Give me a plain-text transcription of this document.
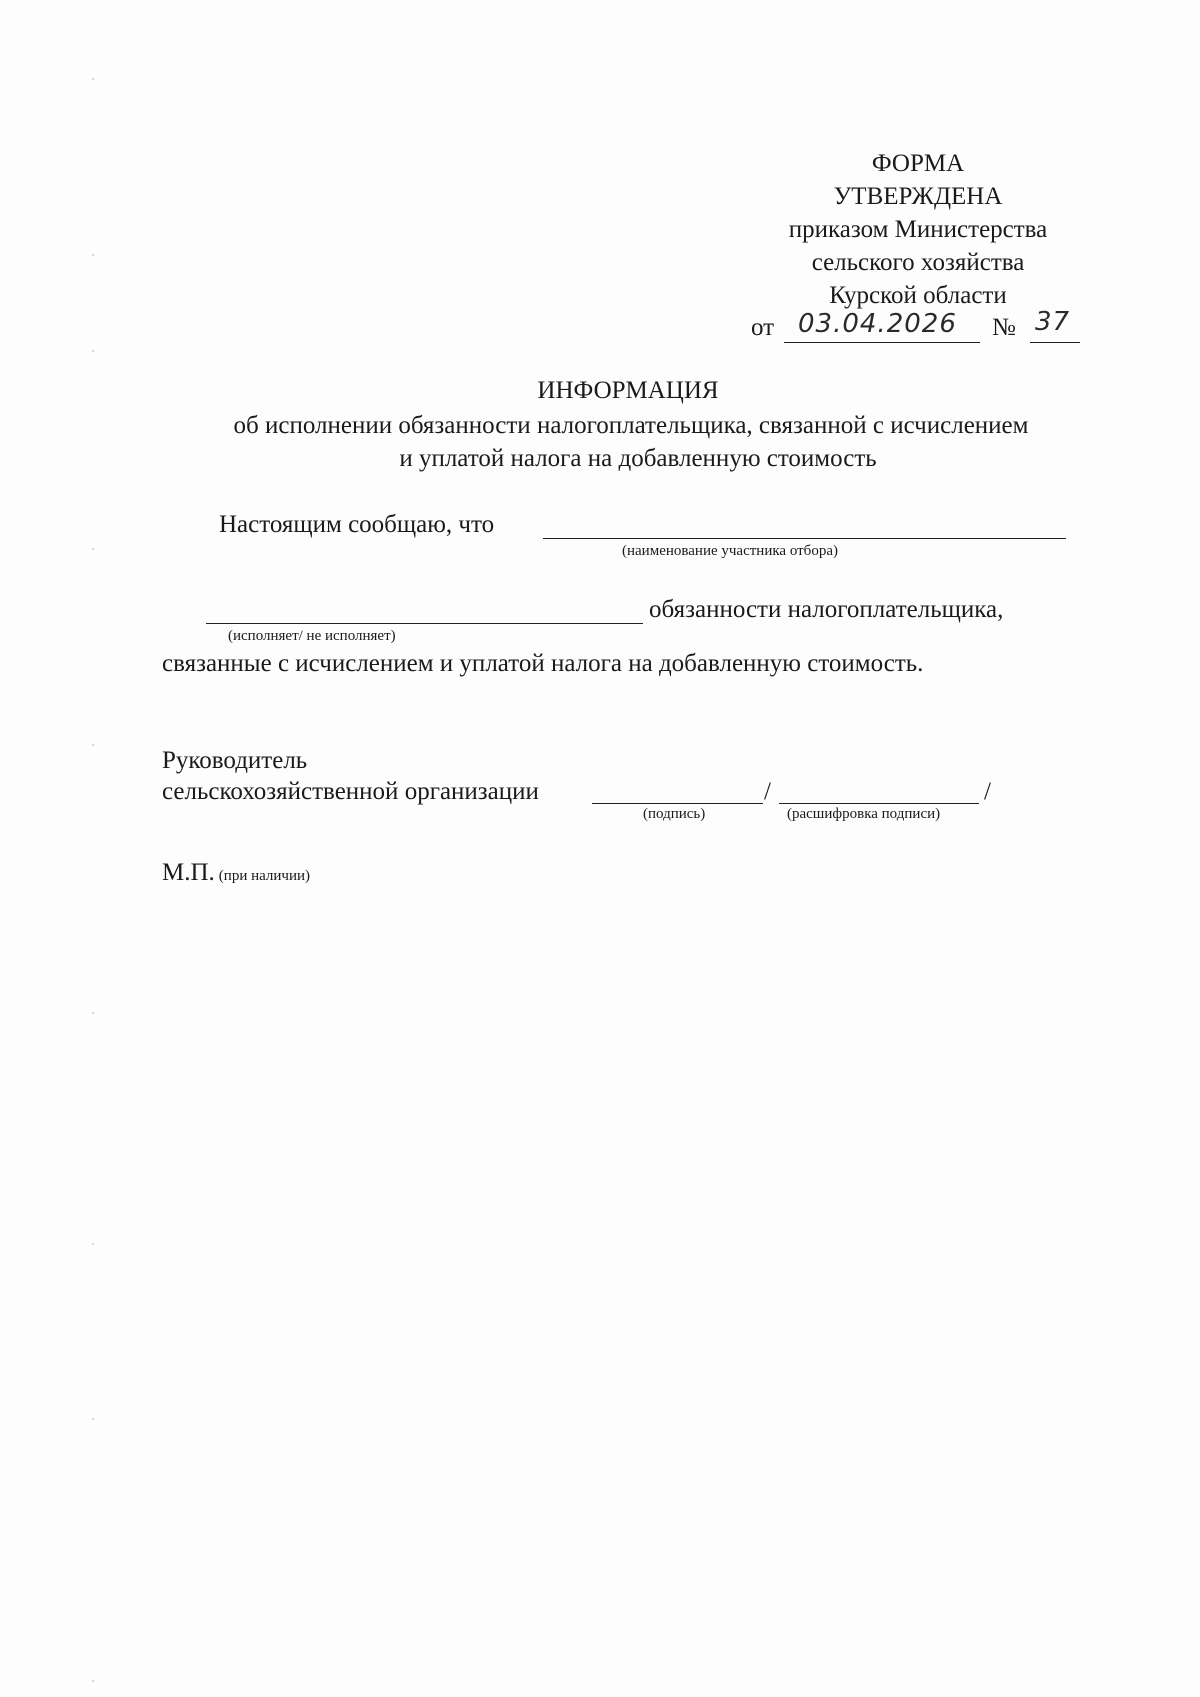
ФОРМА
УТВЕРЖДЕНА
приказом Министерства
сельского хозяйства
Курской области
от 03.04.2026 № 37
ИНФОРМАЦИЯ
об исполнении обязанности налогоплательщика, связанной с исчислением
и уплатой налога на добавленную стоимость
Настоящим сообщаю, что
(наименование участника отбора)
обязанности налогоплательщика,
(исполняет/ не исполняет)
связанные с исчислением и уплатой налога на добавленную стоимость.
Руководитель
сельскохозяйственной организации	/	/
(подпись)	(расшифровка подписи)
М.П. (при наличии)
